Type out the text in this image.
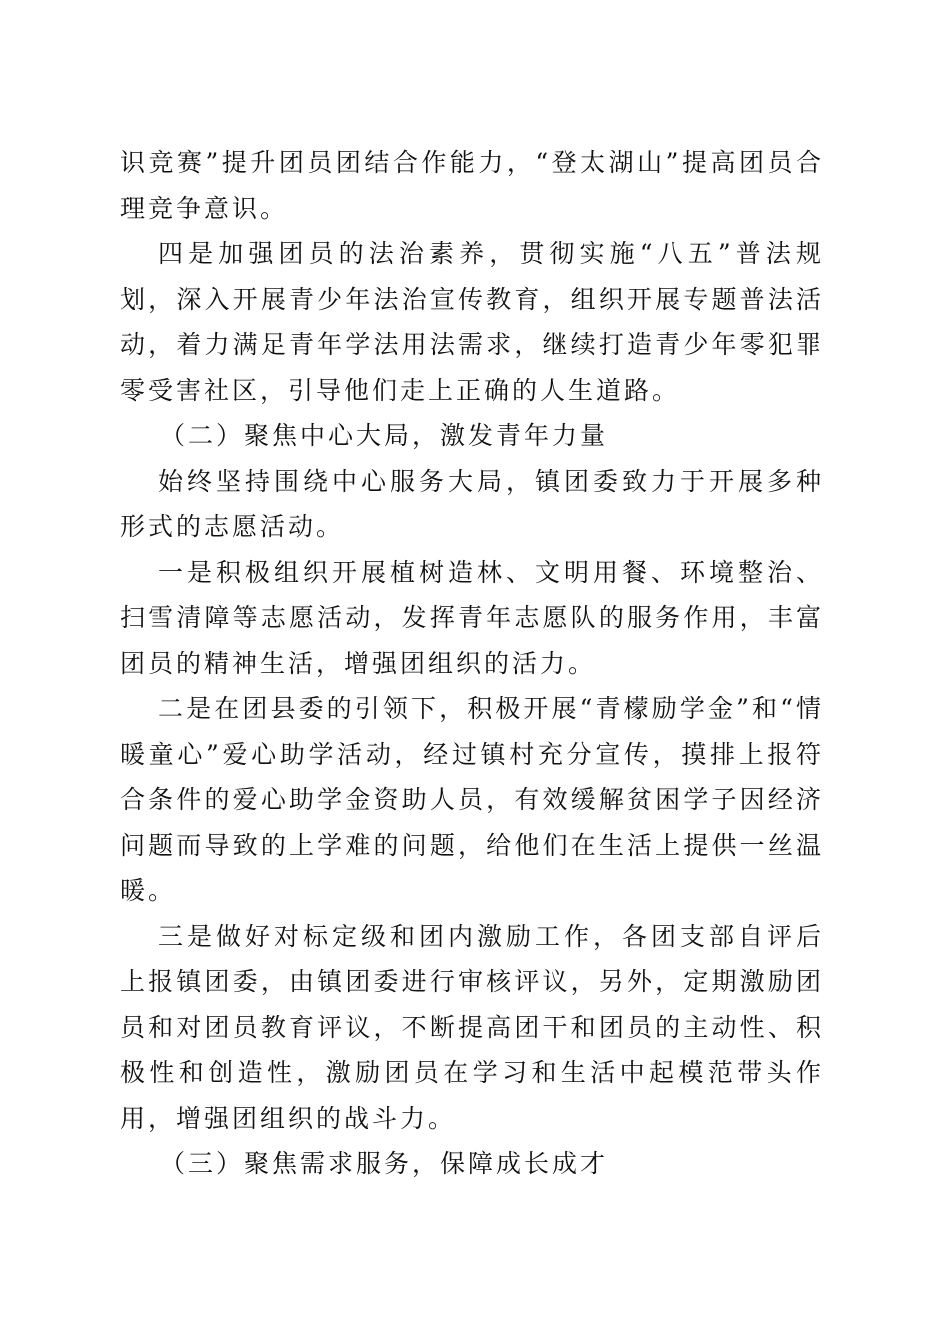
识竞赛”提升团员团结合作能力，“登太湖山”提高团员合理竞争意识。

四是加强团员的法治素养，贯彻实施“八五”普法规划，深入开展青少年法治宣传教育，组织开展专题普法活动，着力满足青年学法用法需求，继续打造青少年零犯罪零受害社区，引导他们走上正确的人生道路。

（二）聚焦中心大局，激发青年力量

始终坚持围绕中心服务大局，镇团委致力于开展多种形式的志愿活动。

一是积极组织开展植树造林、文明用餐、环境整治、扫雪清障等志愿活动，发挥青年志愿队的服务作用，丰富团员的精神生活，增强团组织的活力。

二是在团县委的引领下，积极开展“青檬励学金”和“情暖童心”爱心助学活动，经过镇村充分宣传，摸排上报符合条件的爱心助学金资助人员，有效缓解贫困学子因经济问题而导致的上学难的问题，给他们在生活上提供一丝温暖。

三是做好对标定级和团内激励工作，各团支部自评后上报镇团委，由镇团委进行审核评议，另外，定期激励团员和对团员教育评议，不断提高团干和团员的主动性、积极性和创造性，激励团员在学习和生活中起模范带头作用，增强团组织的战斗力。

（三）聚焦需求服务，保障成长成才
